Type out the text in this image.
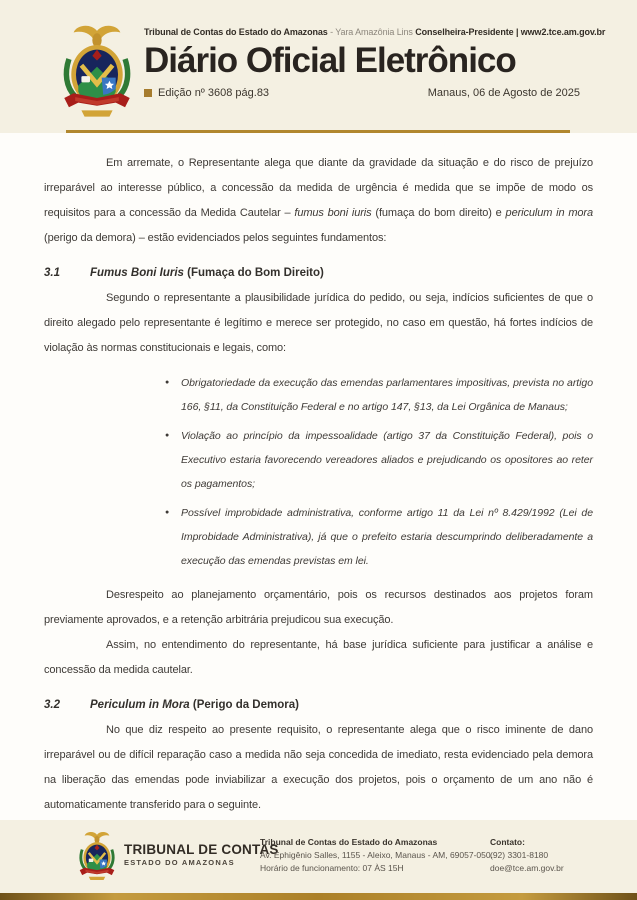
Tribunal de Contas do Estado do Amazonas - Yara Amazônia Lins Conselheira-Presidente | www2.tce.am.gov.br
Diário Oficial Eletrônico
Edição nº 3608 pág.83	Manaus, 06 de Agosto de 2025

Em arremate, o Representante alega que diante da gravidade da situação e do risco de prejuízo irreparável ao interesse público, a concessão da medida de urgência é medida que se impõe de modo os requisitos para a concessão da Medida Cautelar – fumus boni iuris (fumaça do bom direito) e periculum in mora (perigo da demora) – estão evidenciados pelos seguintes fundamentos:

3.1	Fumus Boni Iuris (Fumaça do Bom Direito)

Segundo o representante a plausibilidade jurídica do pedido, ou seja, indícios suficientes de que o direito alegado pelo representante é legítimo e merece ser protegido, no caso em questão, há fortes indícios de violação às normas constitucionais e legais, como:

● Obrigatoriedade da execução das emendas parlamentares impositivas, prevista no artigo 166, §11, da Constituição Federal e no artigo 147, §13, da Lei Orgânica de Manaus;
● Violação ao princípio da impessoalidade (artigo 37 da Constituição Federal), pois o Executivo estaria favorecendo vereadores aliados e prejudicando os opositores ao reter os pagamentos;
● Possível improbidade administrativa, conforme artigo 11 da Lei nº 8.429/1992 (Lei de Improbidade Administrativa), já que o prefeito estaria descumprindo deliberadamente a execução das emendas previstas em lei.

Desrespeito ao planejamento orçamentário, pois os recursos destinados aos projetos foram previamente aprovados, e a retenção arbitrária prejudicou sua execução.

Assim, no entendimento do representante, há base jurídica suficiente para justificar a análise e concessão da medida cautelar.

3.2	Periculum in Mora (Perigo da Demora)

No que diz respeito ao presente requisito, o representante alega que o risco iminente de dano irreparável ou de difícil reparação caso a medida não seja concedida de imediato, resta evidenciado pela demora na liberação das emendas pode inviabilizar a execução dos projetos, pois o orçamento de um ano não é automaticamente transferido para o seguinte.

TRIBUNAL DE CONTAS
ESTADO DO AMAZONAS
Tribunal de Contas do Estado do Amazonas
Av. Ephigênio Salles, 1155 - Aleixo, Manaus - AM, 69057-050.
Horário de funcionamento: 07 ÀS 15H
Contato:
(92) 3301-8180
doe@tce.am.gov.br
